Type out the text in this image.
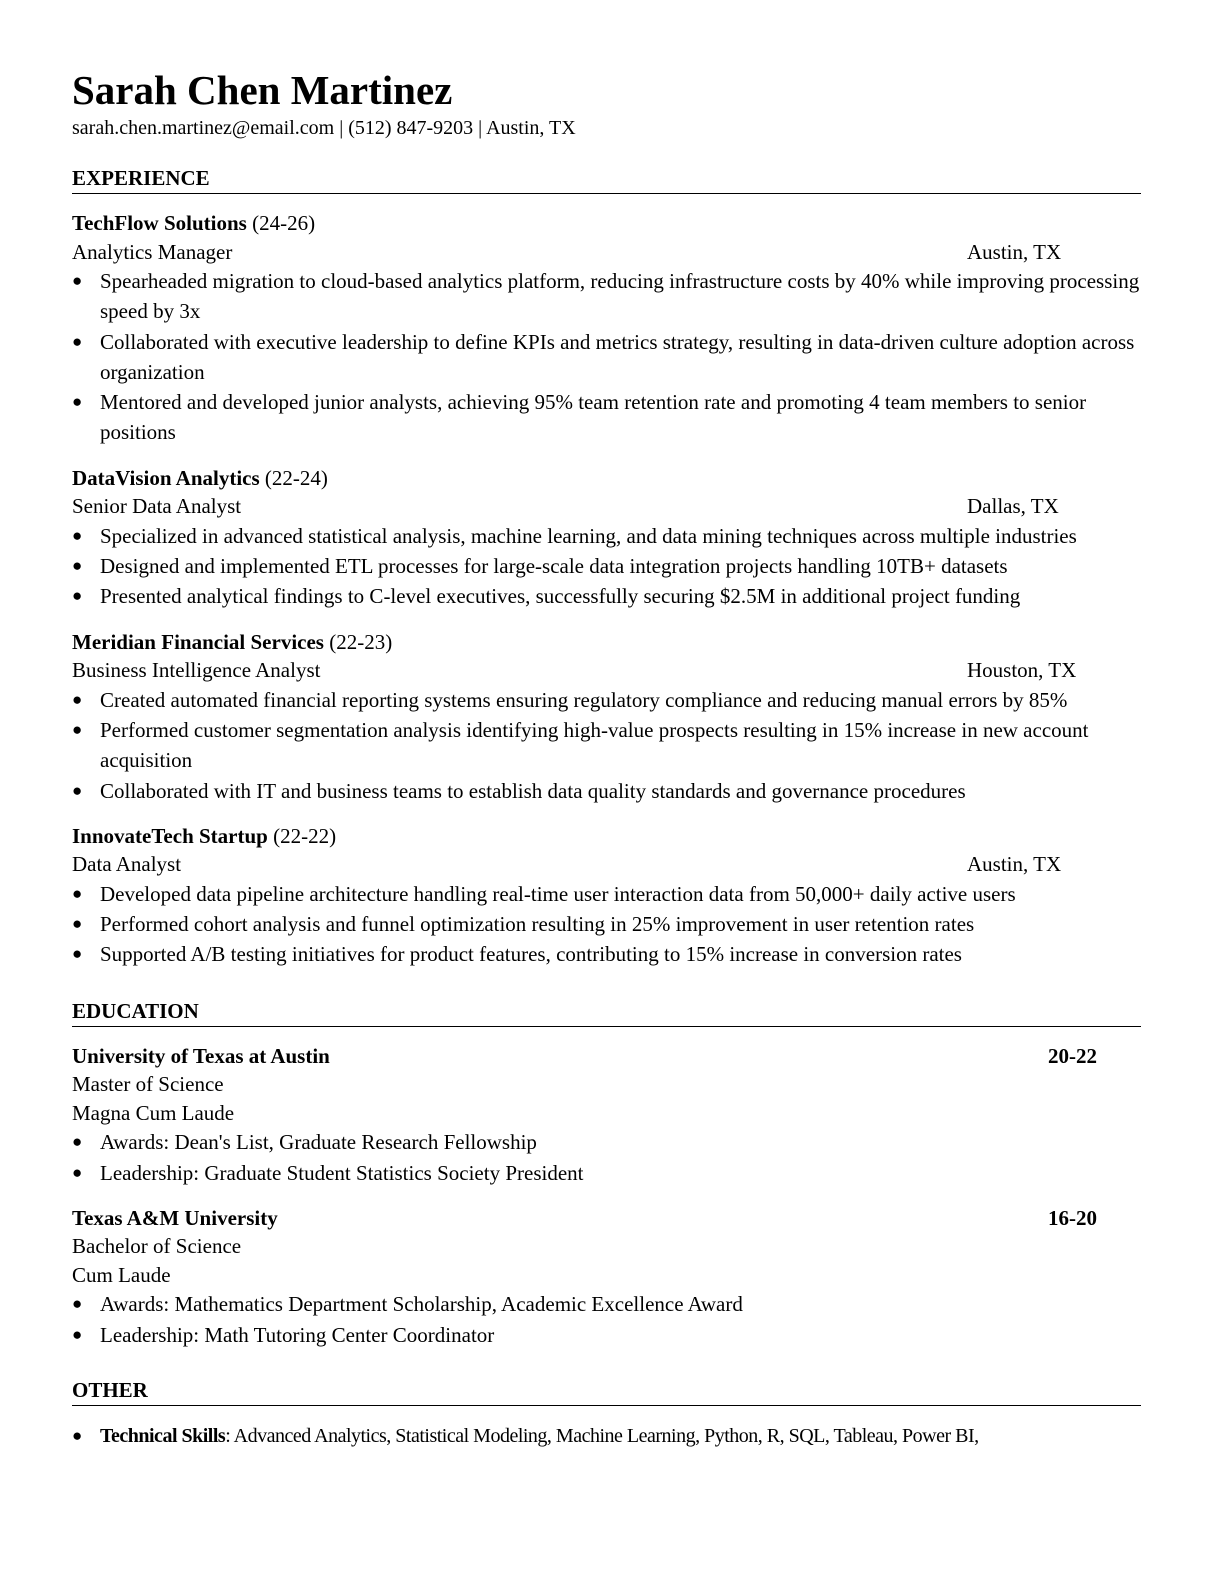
Sarah Chen Martinez
sarah.chen.martinez@email.com | (512) 847-9203 | Austin, TX
EXPERIENCE
TechFlow Solutions (24-26)
Analytics Manager	Austin, TX
● Spearheaded migration to cloud-based analytics platform, reducing infrastructure costs by 40% while improving processing speed by 3x
● Collaborated with executive leadership to define KPIs and metrics strategy, resulting in data-driven culture adoption across organization
● Mentored and developed junior analysts, achieving 95% team retention rate and promoting 4 team members to senior positions
DataVision Analytics (22-24)
Senior Data Analyst	Dallas, TX
● Specialized in advanced statistical analysis, machine learning, and data mining techniques across multiple industries
● Designed and implemented ETL processes for large-scale data integration projects handling 10TB+ datasets
● Presented analytical findings to C-level executives, successfully securing $2.5M in additional project funding
Meridian Financial Services (22-23)
Business Intelligence Analyst	Houston, TX
● Created automated financial reporting systems ensuring regulatory compliance and reducing manual errors by 85%
● Performed customer segmentation analysis identifying high-value prospects resulting in 15% increase in new account acquisition
● Collaborated with IT and business teams to establish data quality standards and governance procedures
InnovateTech Startup (22-22)
Data Analyst	Austin, TX
● Developed data pipeline architecture handling real-time user interaction data from 50,000+ daily active users
● Performed cohort analysis and funnel optimization resulting in 25% improvement in user retention rates
● Supported A/B testing initiatives for product features, contributing to 15% increase in conversion rates
EDUCATION
University of Texas at Austin	20-22
Master of Science
Magna Cum Laude
● Awards: Dean's List, Graduate Research Fellowship
● Leadership: Graduate Student Statistics Society President
Texas A&M University	16-20
Bachelor of Science
Cum Laude
● Awards: Mathematics Department Scholarship, Academic Excellence Award
● Leadership: Math Tutoring Center Coordinator
OTHER
● Technical Skills: Advanced Analytics, Statistical Modeling, Machine Learning, Python, R, SQL, Tableau, Power BI,
